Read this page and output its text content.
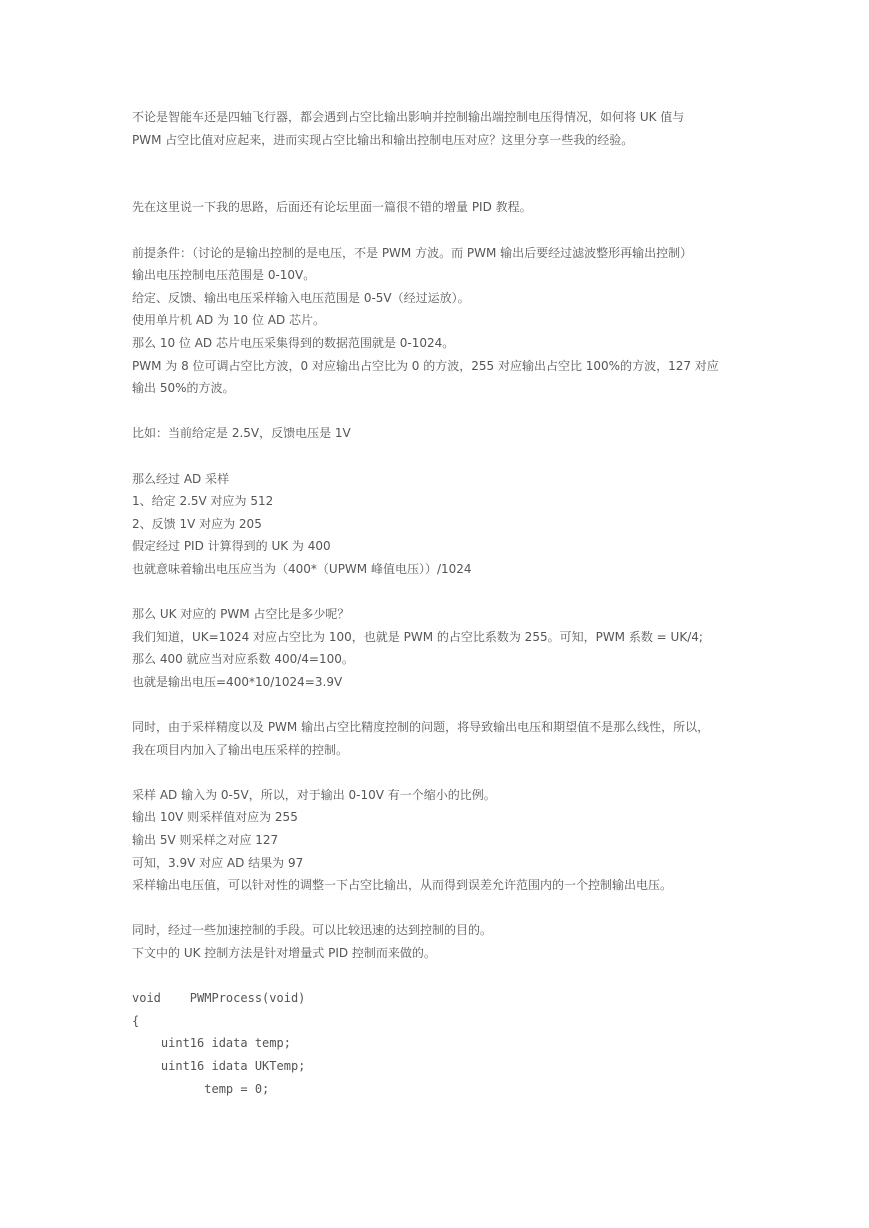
不论是智能车还是四轴飞行器，都会遇到占空比输出影响并控制输出端控制电压得情况，如何将 UK 值与
PWM 占空比值对应起来，进而实现占空比输出和输出控制电压对应？这里分享一些我的经验。
先在这里说一下我的思路，后面还有论坛里面一篇很不错的增量 PID 教程。
前提条件：（讨论的是输出控制的是电压，不是 PWM 方波。而 PWM 输出后要经过滤波整形再输出控制）
输出电压控制电压范围是 0-10V。
给定、反馈、输出电压采样输入电压范围是 0-5V（经过运放）。
使用单片机 AD 为 10 位 AD 芯片。
那么 10 位 AD 芯片电压采集得到的数据范围就是 0-1024。
PWM 为 8 位可调占空比方波，0 对应输出占空比为 0 的方波，255 对应输出占空比 100%的方波，127 对应
输出 50%的方波。
比如：当前给定是 2.5V，反馈电压是 1V
那么经过 AD 采样
1、给定 2.5V 对应为 512
2、反馈 1V 对应为 205
假定经过 PID 计算得到的 UK 为 400
也就意味着输出电压应当为（400*（UPWM 峰值电压））/1024
那么 UK 对应的 PWM 占空比是多少呢？
我们知道，UK=1024 对应占空比为 100，也就是 PWM 的占空比系数为 255。可知，PWM 系数 = UK/4;
那么 400 就应当对应系数 400/4=100。
也就是输出电压=400*10/1024=3.9V
同时，由于采样精度以及 PWM 输出占空比精度控制的问题，将导致输出电压和期望值不是那么线性，所以，
我在项目内加入了输出电压采样的控制。
采样 AD 输入为 0-5V，所以，对于输出 0-10V 有一个缩小的比例。
输出 10V 则采样值对应为 255
输出 5V 则采样之对应 127
可知，3.9V 对应 AD 结果为 97
采样输出电压值，可以针对性的调整一下占空比输出，从而得到误差允许范围内的一个控制输出电压。
同时，经过一些加速控制的手段。可以比较迅速的达到控制的目的。
下文中的 UK 控制方法是针对增量式 PID 控制而来做的。
void    PWMProcess(void)
{
uint16 idata temp;
uint16 idata UKTemp;
temp = 0;
